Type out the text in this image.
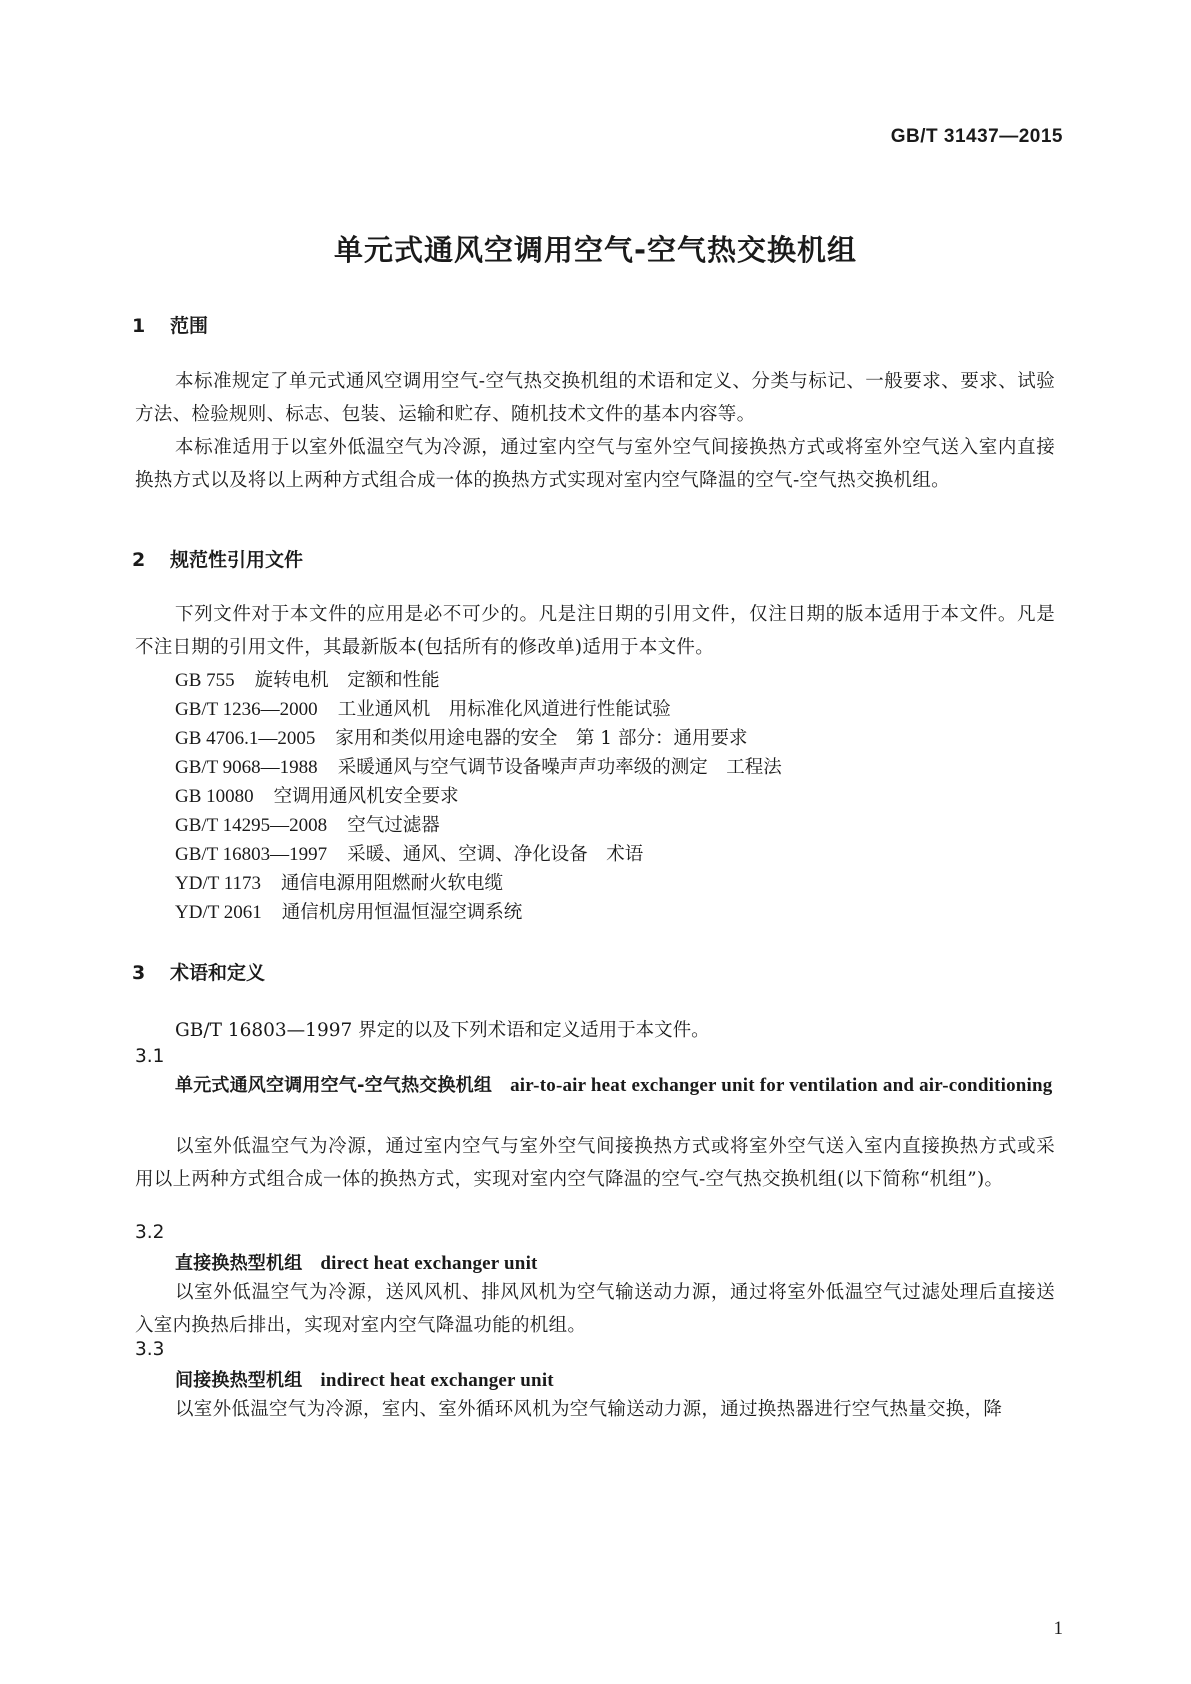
GB/T 31437—2015
单元式通风空调用空气-空气热交换机组
1 范围
本标准规定了单元式通风空调用空气-空气热交换机组的术语和定义、分类与标记、一般要求、要求、试验方法、检验规则、标志、包装、运输和贮存、随机技术文件的基本内容等。
本标准适用于以室外低温空气为冷源，通过室内空气与室外空气间接换热方式或将室外空气送入室内直接换热方式以及将以上两种方式组合成一体的换热方式实现对室内空气降温的空气-空气热交换机组。
2 规范性引用文件
下列文件对于本文件的应用是必不可少的。凡是注日期的引用文件，仅注日期的版本适用于本文件。凡是不注日期的引用文件，其最新版本(包括所有的修改单)适用于本文件。
GB 755 旋转电机　定额和性能
GB/T 1236—2000 工业通风机　用标准化风道进行性能试验
GB 4706.1—2005 家用和类似用途电器的安全　第 1 部分：通用要求
GB/T 9068—1988 采暖通风与空气调节设备噪声声功率级的测定　工程法
GB 10080 空调用通风机安全要求
GB/T 14295—2008 空气过滤器
GB/T 16803—1997 采暖、通风、空调、净化设备　术语
YD/T 1173 通信电源用阻燃耐火软电缆
YD/T 2061 通信机房用恒温恒湿空调系统
3 术语和定义
GB/T 16803—1997 界定的以及下列术语和定义适用于本文件。
3.1
单元式通风空调用空气-空气热交换机组 air-to-air heat exchanger unit for ventilation and air-conditioning
以室外低温空气为冷源，通过室内空气与室外空气间接换热方式或将室外空气送入室内直接换热方式或采用以上两种方式组合成一体的换热方式，实现对室内空气降温的空气-空气热交换机组(以下简称“机组”)。
3.2
直接换热型机组 direct heat exchanger unit
以室外低温空气为冷源，送风风机、排风风机为空气输送动力源，通过将室外低温空气过滤处理后直接送入室内换热后排出，实现对室内空气降温功能的机组。
3.3
间接换热型机组 indirect heat exchanger unit
以室外低温空气为冷源，室内、室外循环风机为空气输送动力源，通过换热器进行空气热量交换，降
1
